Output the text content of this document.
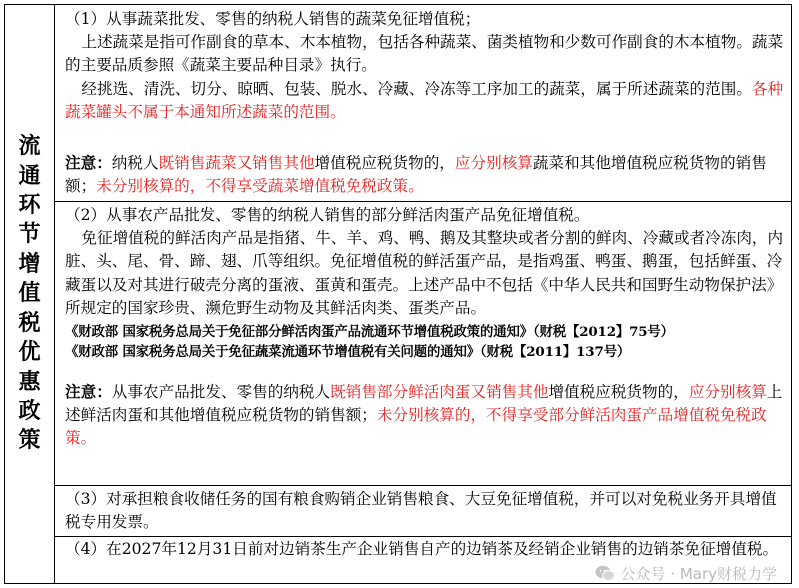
流通环节增值税优惠政策

（1）从事蔬菜批发、零售的纳税人销售的蔬菜免征增值税；

上述蔬菜是指可作副食的草本、木本植物，包括各种蔬菜、菌类植物和少数可作副食的木本植物。蔬菜的主要品质参照《蔬菜主要品种目录》执行。

经挑选、清洗、切分、晾晒、包装、脱水、冷藏、冷冻等工序加工的蔬菜，属于所述蔬菜的范围。各种蔬菜罐头不属于本通知所述蔬菜的范围。

注意：纳税人既销售蔬菜又销售其他增值税应税货物的，应分别核算蔬菜和其他增值税应税货物的销售额；未分别核算的，不得享受蔬菜增值税免税政策。

（2）从事农产品批发、零售的纳税人销售的部分鲜活肉蛋产品免征增值税。

免征增值税的鲜活肉产品是指猪、牛、羊、鸡、鸭、鹅及其整块或者分割的鲜肉、冷藏或者冷冻肉，内脏、头、尾、骨、蹄、翅、爪等组织。免征增值税的鲜活蛋产品，是指鸡蛋、鸭蛋、鹅蛋，包括鲜蛋、冷藏蛋以及对其进行破壳分离的蛋液、蛋黄和蛋壳。上述产品中不包括《中华人民共和国野生动物保护法》所规定的国家珍贵、濒危野生动物及其鲜活肉类、蛋类产品。

《财政部 国家税务总局关于免征部分鲜活肉蛋产品流通环节增值税政策的通知》（财税【2012】75号）

《财政部 国家税务总局关于免征蔬菜流通环节增值税有关问题的通知》（财税【2011】137号）

注意：从事农产品批发、零售的纳税人既销售部分鲜活肉蛋又销售其他增值税应税货物的，应分别核算上述鲜活肉蛋和其他增值税应税货物的销售额；未分别核算的，不得享受部分鲜活肉蛋产品增值税免税政策。

（3）对承担粮食收储任务的国有粮食购销企业销售粮食、大豆免征增值税，并可以对免税业务开具增值税专用发票。

（4）在2027年12月31日前对边销茶生产企业销售自产的边销茶及经销企业销售的边销茶免征增值税。

公众号 · Mary财税力学
